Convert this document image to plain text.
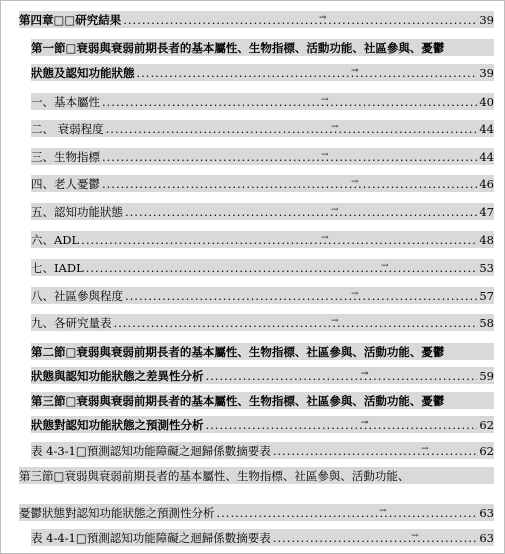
第四章□□研究結果 .....	39
→
第一節□衰弱與衰弱前期長者的基本屬性、生物指標、活動功能、社區參與、憂鬱
狀態及認知功能狀態 .....	39
→
一、基本屬性 .....	40
→
二、 衰弱程度 .....	44
→
三、生物指標 .....	44
→
四、老人憂鬱 .....	46
→
五、認知功能狀態 .....	47
→
六、ADL .....	48
→
七、IADL .....	53
→
八、社區參與程度 .....	57
→
九、各研究量表 .....	58
→
第二節□衰弱與衰弱前期長者的基本屬性、生物指標、社區參與、活動功能、憂鬱
狀態與認知功能狀態之差異性分析 .....	59
→
第三節□衰弱與衰弱前期長者的基本屬性、生物指標、社區參與、活動功能、憂鬱
狀態對認知功能狀態之預測性分析 .....	62
→
表 4-3-1□預測認知功能障礙之迴歸係數摘要表 .....	62
→
第三節□衰弱與衰弱前期長者的基本屬性、生物指標、社區參與、活動功能、
憂鬱狀態對認知功能狀態之預測性分析 .....	63
→
表 4-4-1□預測認知功能障礙之迴歸係數摘要表 .....	63
→
